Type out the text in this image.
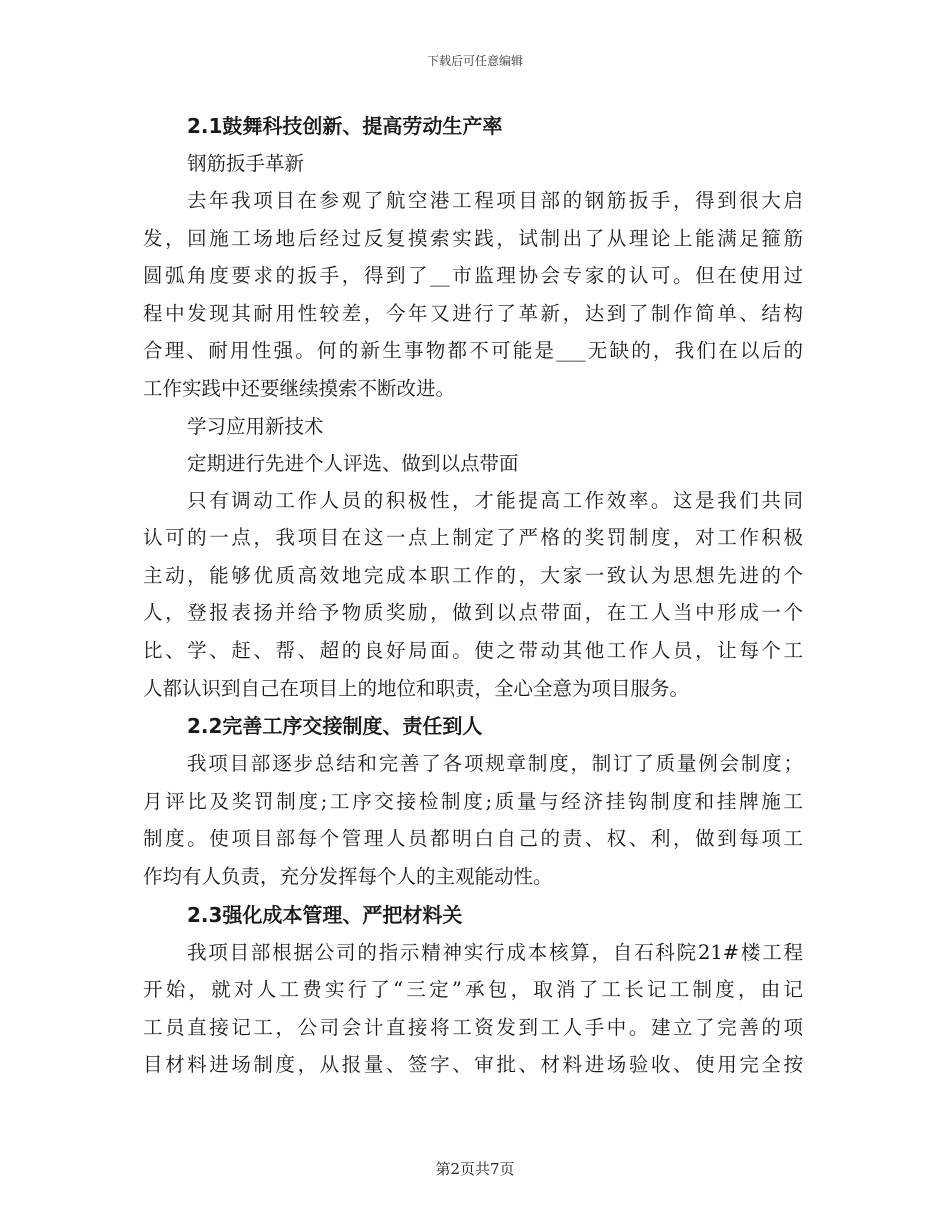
下载后可任意编辑
2.1鼓舞科技创新、提高劳动生产率
钢筋扳手革新
去年我项目在参观了航空港工程项目部的钢筋扳手，得到很大启
发，回施工场地后经过反复摸索实践，试制出了从理论上能满足箍筋
圆弧角度要求的扳手，得到了__市监理协会专家的认可。但在使用过
程中发现其耐用性较差，今年又进行了革新，达到了制作简单、结构
合理、耐用性强。何的新生事物都不可能是___无缺的，我们在以后的
工作实践中还要继续摸索不断改进。
学习应用新技术
定期进行先进个人评选、做到以点带面
只有调动工作人员的积极性，才能提高工作效率。这是我们共同
认可的一点，我项目在这一点上制定了严格的奖罚制度，对工作积极
主动，能够优质高效地完成本职工作的，大家一致认为思想先进的个
人，登报表扬并给予物质奖励，做到以点带面，在工人当中形成一个
比、学、赶、帮、超的良好局面。使之带动其他工作人员，让每个工
人都认识到自己在项目上的地位和职责，全心全意为项目服务。
2.2完善工序交接制度、责任到人
我项目部逐步总结和完善了各项规章制度，制订了质量例会制度；
月评比及奖罚制度;工序交接检制度;质量与经济挂钩制度和挂牌施工
制度。使项目部每个管理人员都明白自己的责、权、利，做到每项工
作均有人负责，充分发挥每个人的主观能动性。
2.3强化成本管理、严把材料关
我项目部根据公司的指示精神实行成本核算，自石科院21#楼工程
开始，就对人工费实行了“三定”承包，取消了工长记工制度，由记
工员直接记工，公司会计直接将工资发到工人手中。建立了完善的项
目材料进场制度，从报量、签字、审批、材料进场验收、使用完全按
第2页共7页
